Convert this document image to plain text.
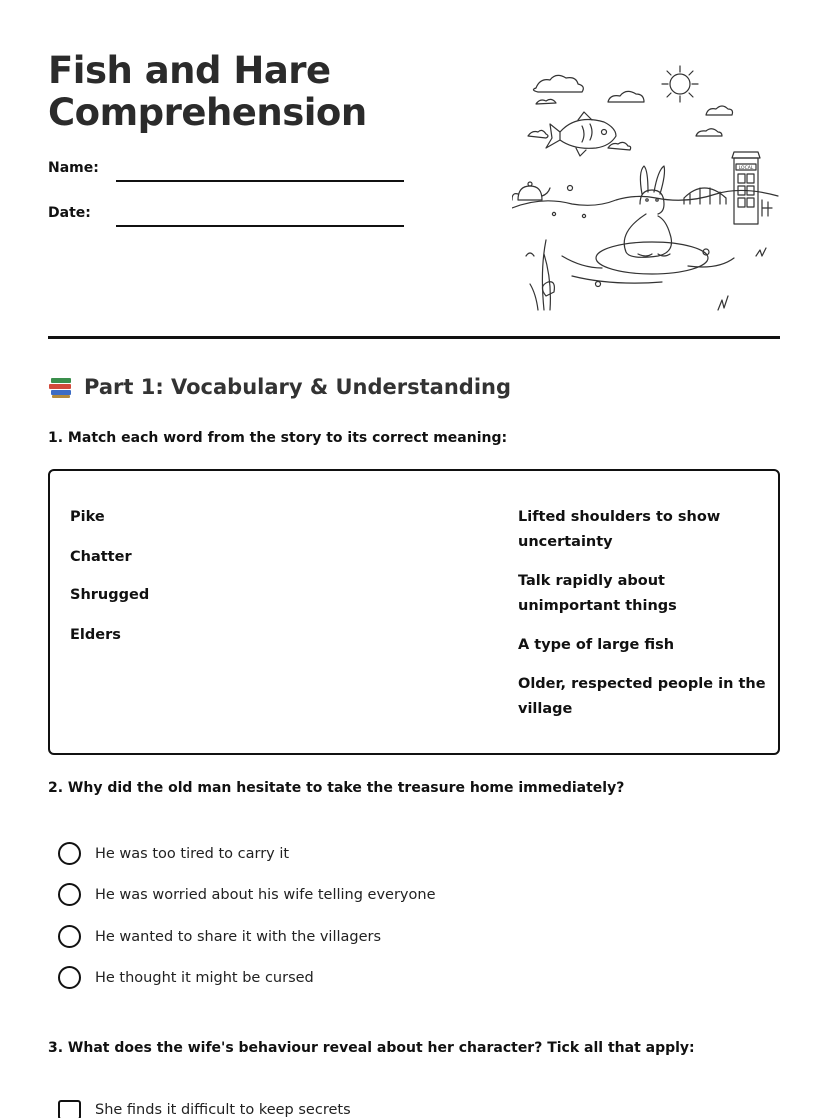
Fish and Hare
Comprehension
Name:
Date:
LOCAL
Part 1: Vocabulary & Understanding
1. Match each word from the story to its correct meaning:
Pike
Chatter
Shrugged
Elders
Lifted shoulders to show uncertainty
Talk rapidly about unimportant things
A type of large fish
Older, respected people in the village
2. Why did the old man hesitate to take the treasure home immediately?
He was too tired to carry it
He was worried about his wife telling everyone
He wanted to share it with the villagers
He thought it might be cursed
3. What does the wife's behaviour reveal about her character? Tick all that apply:
She finds it difficult to keep secrets
